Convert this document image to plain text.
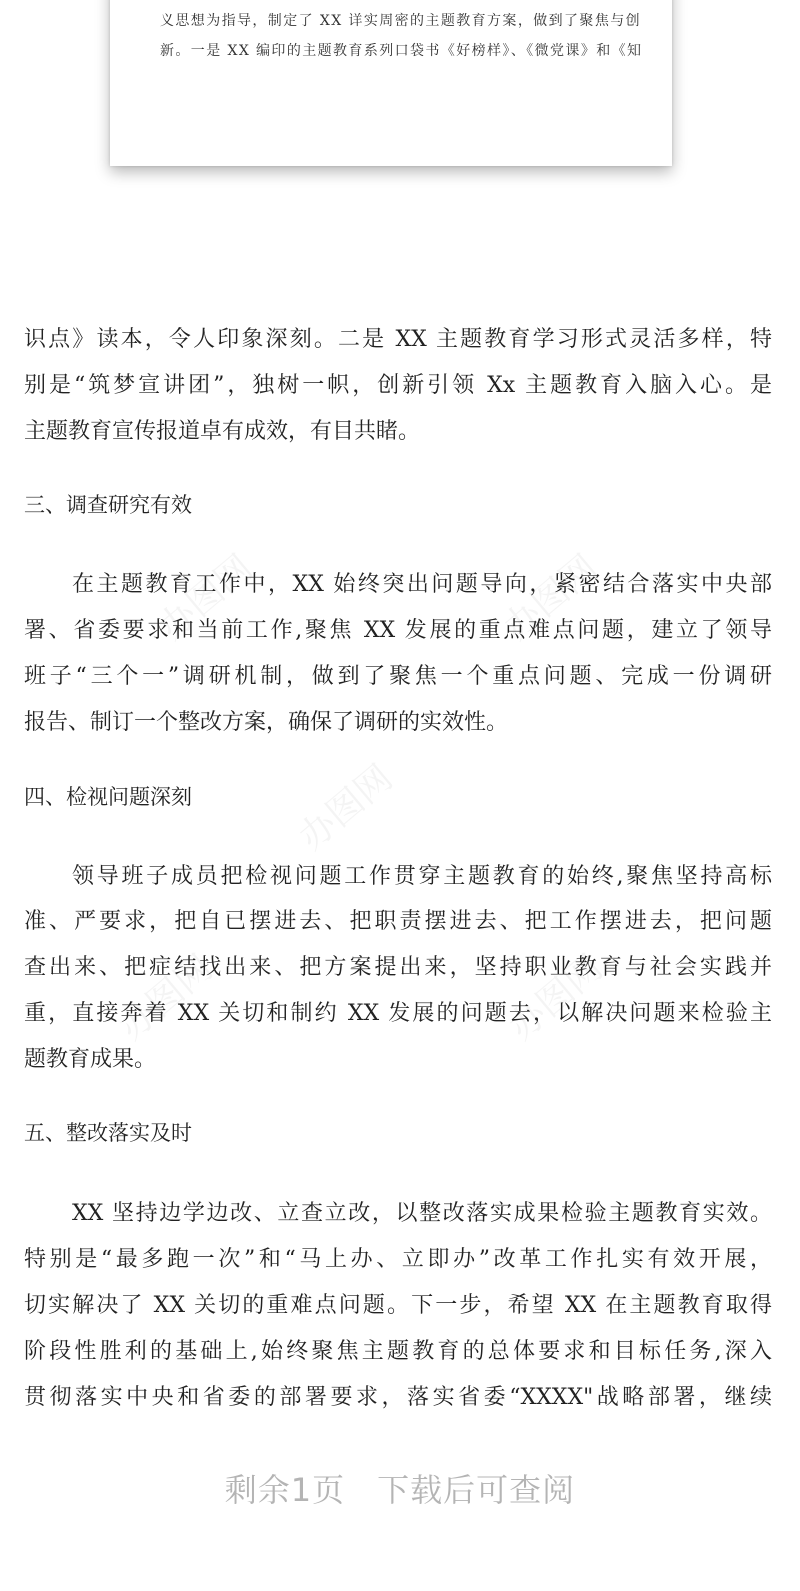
义思想为指导，制定了 XX 详实周密的主题教育方案，做到了聚焦与创
新。一是 XX 编印的主题教育系列口袋书《好榜样》、《微党课》和《知
办图网	办图网
办图网
办图网	办图网
识点》读本，令人印象深刻。二是 XX 主题教育学习形式灵活多样，特
别是“筑梦宣讲团”，独树一帜，创新引领 Xx 主题教育入脑入心。是
主题教育宣传报道卓有成效，有目共睹。
三、调查研究有效
在主题教育工作中，XX 始终突出问题导向，紧密结合落实中央部
署、省委要求和当前工作,聚焦 XX 发展的重点难点问题，建立了领导
班子“三个一”调研机制，做到了聚焦一个重点问题、完成一份调研
报告、制订一个整改方案，确保了调研的实效性。
四、检视问题深刻
领导班子成员把检视问题工作贯穿主题教育的始终,聚焦坚持高标
准、严要求，把自已摆进去、把职责摆进去、把工作摆进去，把问题
查出来、把症结找出来、把方案提出来，坚持职业教育与社会实践并
重，直接奔着 XX 关切和制约 XX 发展的问题去，以解决问题来检验主
题教育成果。
五、整改落实及时
XX 坚持边学边改、立查立改，以整改落实成果检验主题教育实效。
特别是“最多跑一次”和“马上办、立即办”改革工作扎实有效开展，
切实解决了 XX 关切的重难点问题。下一步，希望 XX 在主题教育取得
阶段性胜利的基础上,始终聚焦主题教育的总体要求和目标任务,深入
贯彻落实中央和省委的部署要求，落实省委“XXXX"战略部署，继续
剩余1页 下载后可查阅
